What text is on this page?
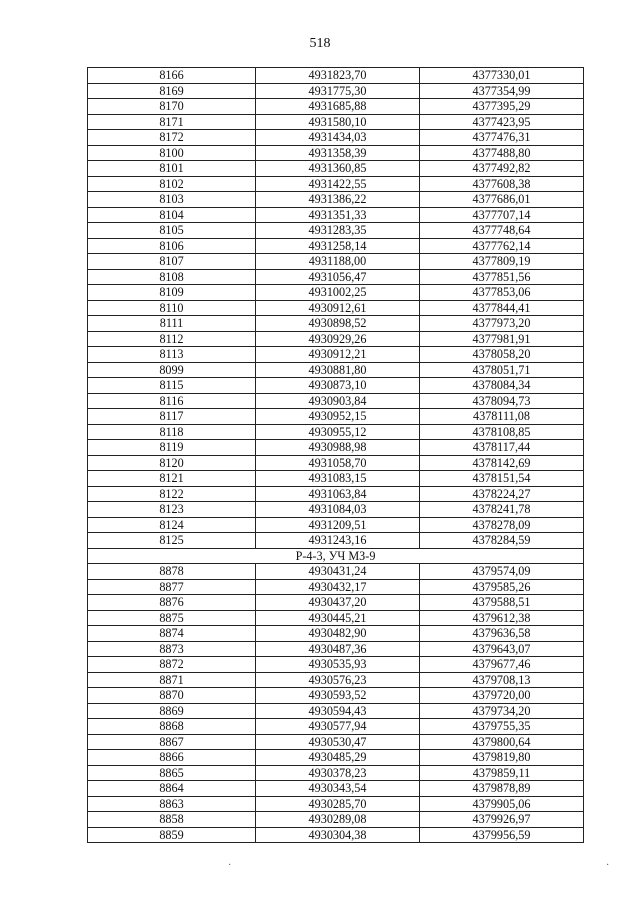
518
8166	4931823,70	4377330,01
8169	4931775,30	4377354,99
8170	4931685,88	4377395,29
8171	4931580,10	4377423,95
8172	4931434,03	4377476,31
8100	4931358,39	4377488,80
8101	4931360,85	4377492,82
8102	4931422,55	4377608,38
8103	4931386,22	4377686,01
8104	4931351,33	4377707,14
8105	4931283,35	4377748,64
8106	4931258,14	4377762,14
8107	4931188,00	4377809,19
8108	4931056,47	4377851,56
8109	4931002,25	4377853,06
8110	4930912,61	4377844,41
8111	4930898,52	4377973,20
8112	4930929,26	4377981,91
8113	4930912,21	4378058,20
8099	4930881,80	4378051,71
8115	4930873,10	4378084,34
8116	4930903,84	4378094,73
8117	4930952,15	4378111,08
8118	4930955,12	4378108,85
8119	4930988,98	4378117,44
8120	4931058,70	4378142,69
8121	4931083,15	4378151,54
8122	4931063,84	4378224,27
8123	4931084,03	4378241,78
8124	4931209,51	4378278,09
8125	4931243,16	4378284,59
Р-4-3, УЧ МЗ-9		
8878	4930431,24	4379574,09
8877	4930432,17	4379585,26
8876	4930437,20	4379588,51
8875	4930445,21	4379612,38
8874	4930482,90	4379636,58
8873	4930487,36	4379643,07
8872	4930535,93	4379677,46
8871	4930576,23	4379708,13
8870	4930593,52	4379720,00
8869	4930594,43	4379734,20
8868	4930577,94	4379755,35
8867	4930530,47	4379800,64
8866	4930485,29	4379819,80
8865	4930378,23	4379859,11
8864	4930343,54	4379878,89
8863	4930285,70	4379905,06
8858	4930289,08	4379926,97
8859	4930304,38	4379956,59
·	·
